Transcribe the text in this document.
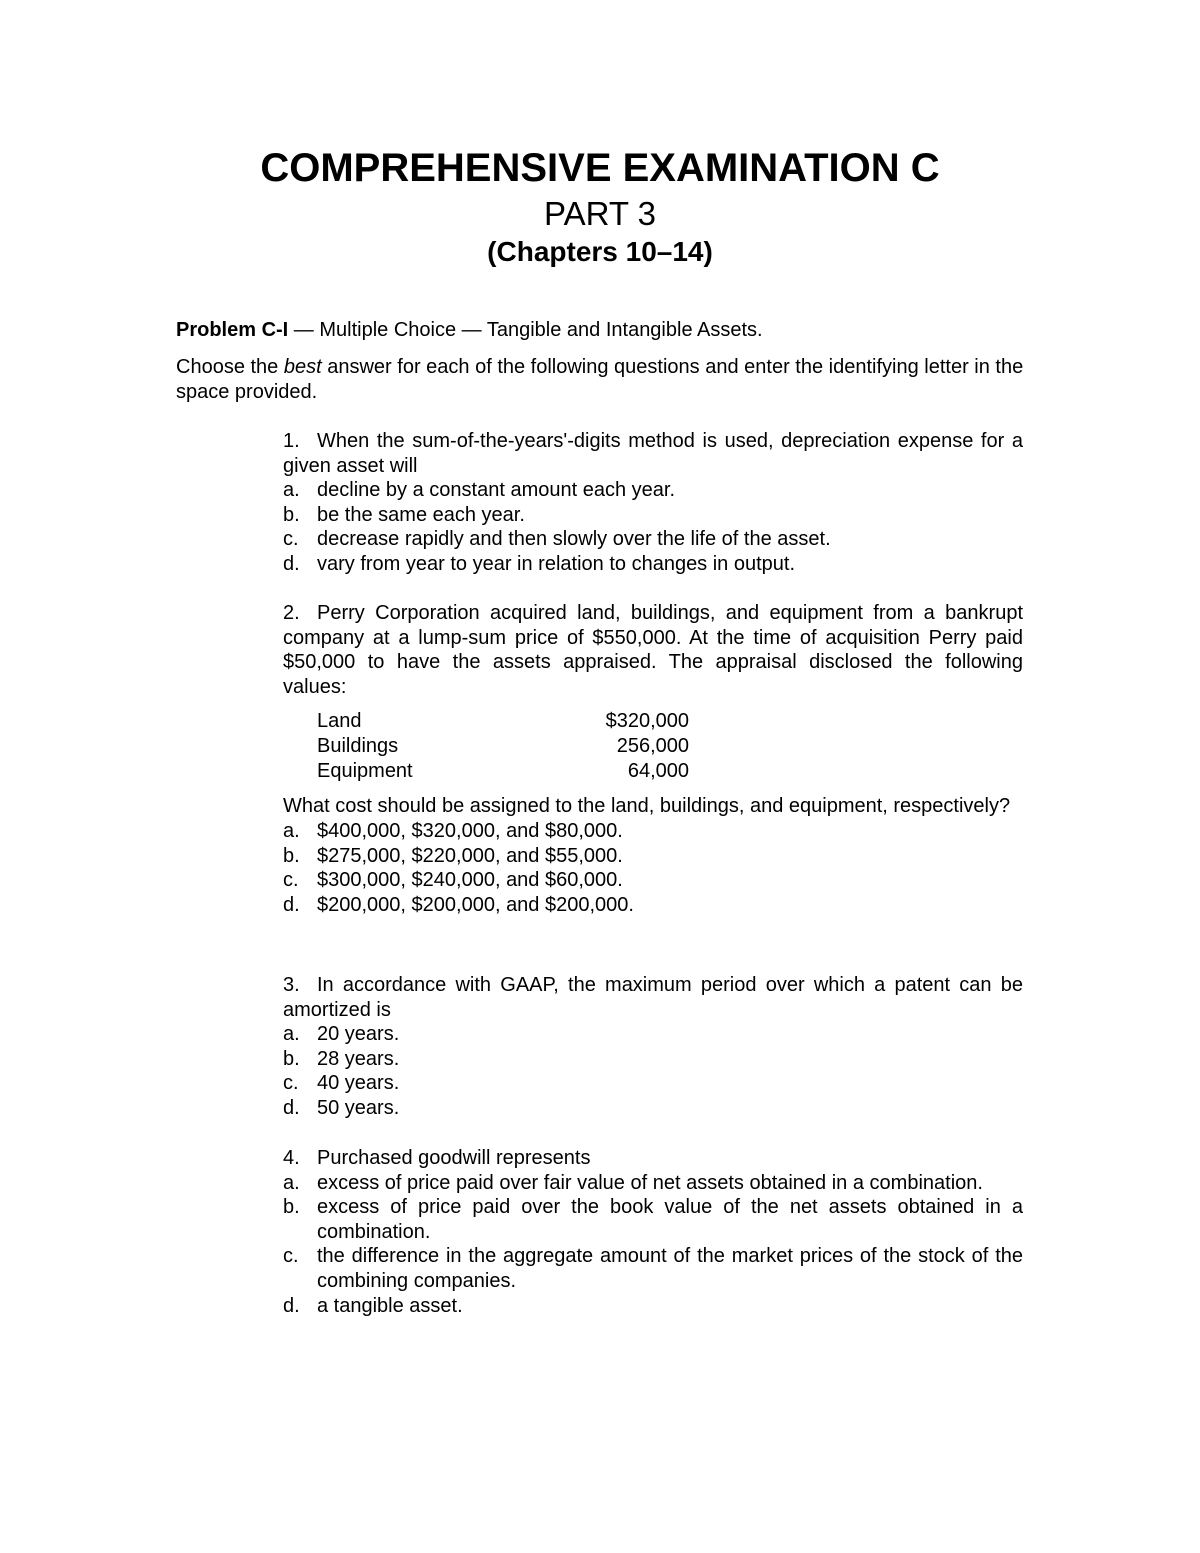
COMPREHENSIVE EXAMINATION C
PART 3
(Chapters 10–14)
Problem C-I — Multiple Choice — Tangible and Intangible Assets.
Choose the best answer for each of the following questions and enter the identifying letter in the space provided.
1. When the sum-of-the-years'-digits method is used, depreciation expense for a given asset will
a. decline by a constant amount each year.
b. be the same each year.
c. decrease rapidly and then slowly over the life of the asset.
d. vary from year to year in relation to changes in output.
2. Perry Corporation acquired land, buildings, and equipment from a bankrupt company at a lump-sum price of $550,000. At the time of acquisition Perry paid $50,000 to have the assets appraised. The appraisal disclosed the following values:
Land	$320,000
Buildings	256,000
Equipment	64,000
What cost should be assigned to the land, buildings, and equipment, respectively?
a. $400,000, $320,000, and $80,000.
b. $275,000, $220,000, and $55,000.
c. $300,000, $240,000, and $60,000.
d. $200,000, $200,000, and $200,000.
3. In accordance with GAAP, the maximum period over which a patent can be amortized is
a. 20 years.
b. 28 years.
c. 40 years.
d. 50 years.
4. Purchased goodwill represents
a. excess of price paid over fair value of net assets obtained in a combination.
b. excess of price paid over the book value of the net assets obtained in a combination.
c. the difference in the aggregate amount of the market prices of the stock of the combining companies.
d. a tangible asset.
